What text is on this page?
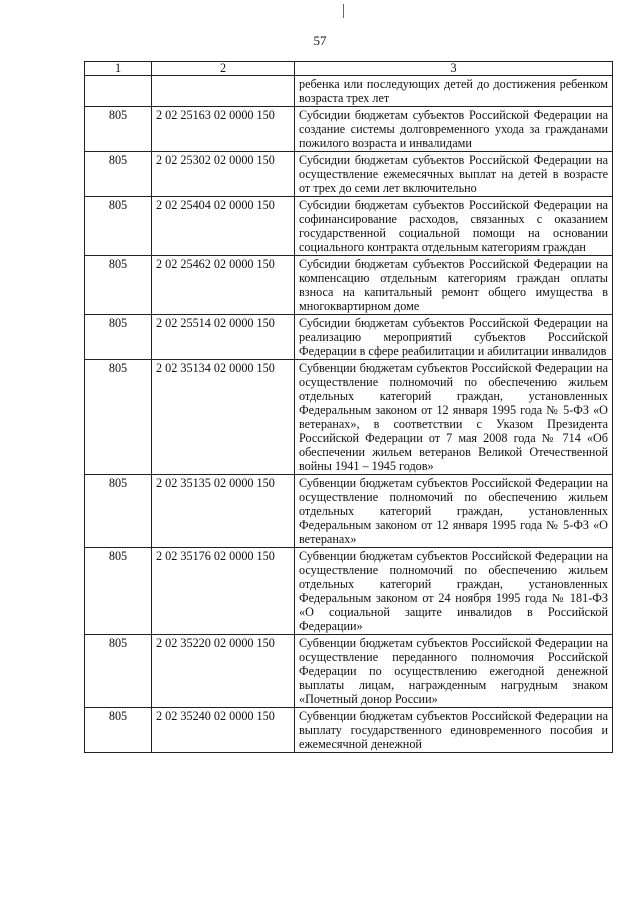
57
1	2	3
		ребенка или последующих детей до достижения ребенком возраста трех лет
805	2 02 25163 02 0000 150	Субсидии бюджетам субъектов Российской Федерации на создание системы долговременного ухода за гражданами пожилого возраста и инвалидами
805	2 02 25302 02 0000 150	Субсидии бюджетам субъектов Российской Федерации на осуществление ежемесячных выплат на детей в возрасте от трех до семи лет включительно
805	2 02 25404 02 0000 150	Субсидии бюджетам субъектов Российской Федерации на софинансирование расходов, связанных с оказанием государственной социальной помощи на основании социального контракта отдельным категориям граждан
805	2 02 25462 02 0000 150	Субсидии бюджетам субъектов Российской Федерации на компенсацию отдельным категориям граждан оплаты взноса на капитальный ремонт общего имущества в многоквартирном доме
805	2 02 25514 02 0000 150	Субсидии бюджетам субъектов Российской Федерации на реализацию мероприятий субъектов Российской Федерации в сфере реабилитации и абилитации инвалидов
805	2 02 35134 02 0000 150	Субвенции бюджетам субъектов Российской Федерации на осуществление полномочий по обеспечению жильем отдельных категорий граждан, установленных Федеральным законом от 12 января 1995 года № 5-ФЗ «О ветеранах», в соответствии с Указом Президента Российской Федерации от 7 мая 2008 года № 714 «Об обеспечении жильем ветеранов Великой Отечественной войны 1941 – 1945 годов»
805	2 02 35135 02 0000 150	Субвенции бюджетам субъектов Российской Федерации на осуществление полномочий по обеспечению жильем отдельных категорий граждан, установленных Федеральным законом от 12 января 1995 года № 5-ФЗ «О ветеранах»
805	2 02 35176 02 0000 150	Субвенции бюджетам субъектов Российской Федерации на осуществление полномочий по обеспечению жильем отдельных категорий граждан, установленных Федеральным законом от 24 ноября 1995 года № 181-ФЗ «О социальной защите инвалидов в Российской Федерации»
805	2 02 35220 02 0000 150	Субвенции бюджетам субъектов Российской Федерации на осуществление переданного полномочия Российской Федерации по осуществлению ежегодной денежной выплаты лицам, награжденным нагрудным знаком «Почетный донор России»
805	2 02 35240 02 0000 150	Субвенции бюджетам субъектов Российской Федерации на выплату государственного единовременного пособия и ежемесячной денежной
